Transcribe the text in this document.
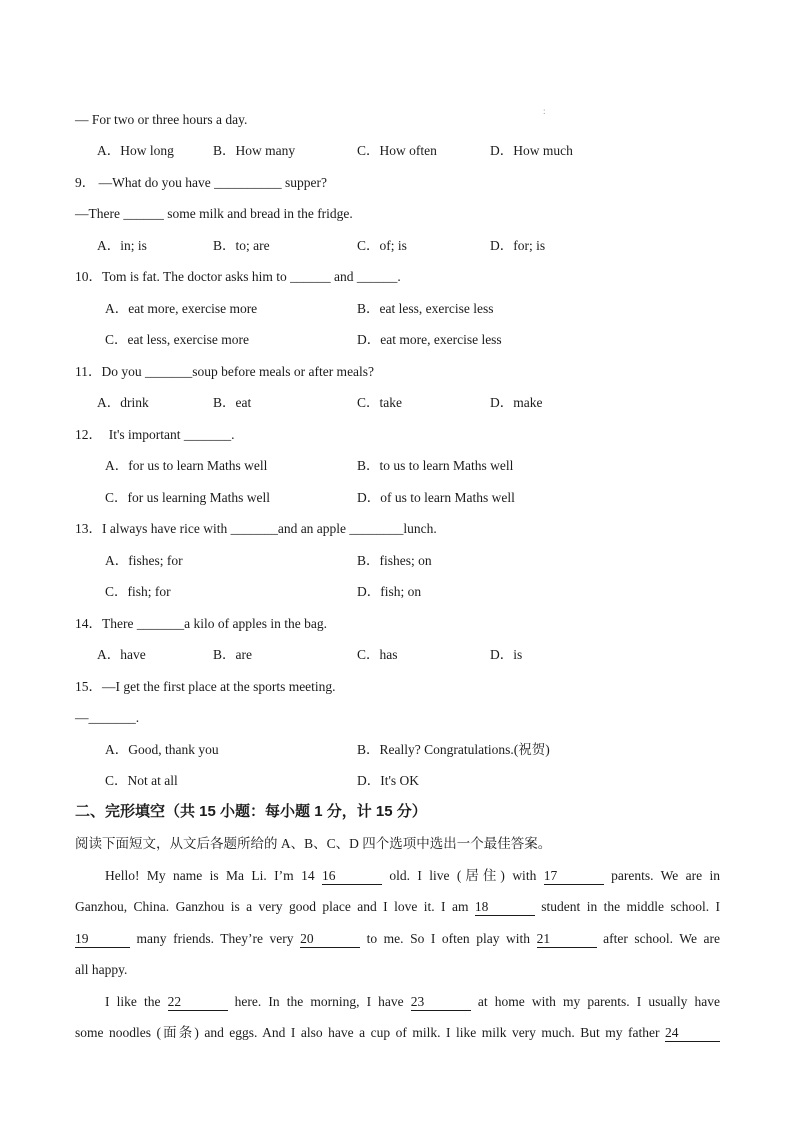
:
— For two or three hours a day.
A．How long	B．How many	C．How often	D．How much
9． —What do you have __________ supper?
—There ______ some milk and bread in the fridge.
A．in; is	B．to; are	C．of; is	D．for; is
10．Tom is fat. The doctor asks him to ______ and ______.
A．eat more, exercise more	B．eat less, exercise less
C．eat less, exercise more	D．eat more, exercise less
11．Do you _______soup before meals or after meals?
A．drink	B．eat	C．take	D．make
12．  It's important _______.
A．for us to learn Maths well	B．to us to learn Maths well
C．for us learning Maths well	D．of us to learn Maths well
13．I always have rice with _______and an apple ________lunch.
A．fishes; for	B．fishes; on
C．fish; for	D．fish; on
14．There _______a kilo of apples in the bag.
A．have	B．are	C．has	D．is
15．—I get the first place at the sports meeting.
—_______.
A．Good, thank you	B．Really? Congratulations.(祝贺)
C．Not at all	D．It's OK
二、完形填空（共 15 小题：每小题 1 分，计 15 分）
阅读下面短文，从文后各题所给的 A、B、C、D 四个选项中选出一个最佳答案。
Hello! My name is Ma Li. I’m 14 16	old. I live (居住) with 17	parents. We are in
Ganzhou, China. Ganzhou is a very good place and I love it. I am 18	student in the middle school. I
19	many friends. They’re very 20	to me. So I often play with 21	after school. We are
all happy.
I like the 22	here. In the morning, I have 23	at home with my parents. I usually have
some noodles (面条) and eggs. And I also have a cup of milk. I like milk very much. But my father 24
